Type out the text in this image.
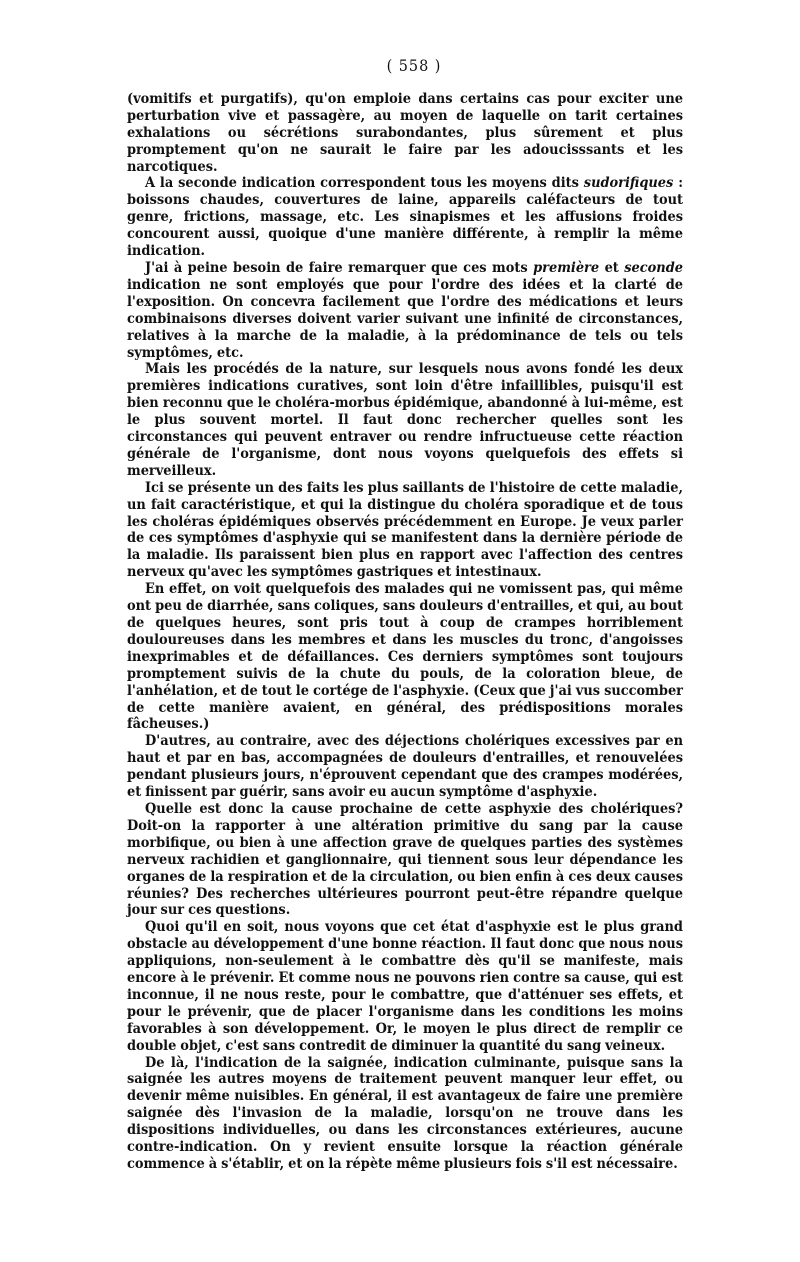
( 558 )

(vomitifs et purgatifs), qu'on emploie dans certains cas pour exciter une perturbation vive et passagère, au moyen de laquelle on tarit certaines exhalations ou sécrétions surabondantes, plus sûrement et plus promptement qu'on ne saurait le faire par les adoucisssants et les narcotiques.

A la seconde indication correspondent tous les moyens dits sudorifiques : boissons chaudes, couvertures de laine, appareils caléfacteurs de tout genre, frictions, massage, etc. Les sinapismes et les affusions froides concourent aussi, quoique d'une manière différente, à remplir la même indication.

J'ai à peine besoin de faire remarquer que ces mots première et seconde indication ne sont employés que pour l'ordre des idées et la clarté de l'exposition. On concevra facilement que l'ordre des médications et leurs combinaisons diverses doivent varier suivant une infinité de circonstances, relatives à la marche de la maladie, à la prédominance de tels ou tels symptômes, etc.

Mais les procédés de la nature, sur lesquels nous avons fondé les deux premières indications curatives, sont loin d'être infaillibles, puisqu'il est bien reconnu que le choléra-morbus épidémique, abandonné à lui-même, est le plus souvent mortel. Il faut donc rechercher quelles sont les circonstances qui peuvent entraver ou rendre infructueuse cette réaction générale de l'organisme, dont nous voyons quelquefois des effets si merveilleux.

Ici se présente un des faits les plus saillants de l'histoire de cette maladie, un fait caractéristique, et qui la distingue du choléra sporadique et de tous les choléras épidémiques observés précédemment en Europe. Je veux parler de ces symptômes d'asphyxie qui se manifestent dans la dernière période de la maladie. Ils paraissent bien plus en rapport avec l'affection des centres nerveux qu'avec les symptômes gastriques et intestinaux.

En effet, on voit quelquefois des malades qui ne vomissent pas, qui même ont peu de diarrhée, sans coliques, sans douleurs d'entrailles, et qui, au bout de quelques heures, sont pris tout à coup de crampes horriblement douloureuses dans les membres et dans les muscles du tronc, d'angoisses inexprimables et de défaillances. Ces derniers symptômes sont toujours promptement suivis de la chute du pouls, de la coloration bleue, de l'anhélation, et de tout le cortége de l'asphyxie. (Ceux que j'ai vus succomber de cette manière avaient, en général, des prédispositions morales fâcheuses.)

D'autres, au contraire, avec des déjections cholériques excessives par en haut et par en bas, accompagnées de douleurs d'entrailles, et renouvelées pendant plusieurs jours, n'éprouvent cependant que des crampes modérées, et finissent par guérir, sans avoir eu aucun symptôme d'asphyxie.

Quelle est donc la cause prochaine de cette asphyxie des cholériques? Doit-on la rapporter à une altération primitive du sang par la cause morbifique, ou bien à une affection grave de quelques parties des systèmes nerveux rachidien et ganglionnaire, qui tiennent sous leur dépendance les organes de la respiration et de la circulation, ou bien enfin à ces deux causes réunies? Des recherches ultérieures pourront peut-être répandre quelque jour sur ces questions.

Quoi qu'il en soit, nous voyons que cet état d'asphyxie est le plus grand obstacle au développement d'une bonne réaction. Il faut donc que nous nous appliquions, non-seulement à le combattre dès qu'il se manifeste, mais encore à le prévenir. Et comme nous ne pouvons rien contre sa cause, qui est inconnue, il ne nous reste, pour le combattre, que d'atténuer ses effets, et pour le prévenir, que de placer l'organisme dans les conditions les moins favorables à son développement. Or, le moyen le plus direct de remplir ce double objet, c'est sans contredit de diminuer la quantité du sang veineux.

De là, l'indication de la saignée, indication culminante, puisque sans la saignée les autres moyens de traitement peuvent manquer leur effet, ou devenir même nuisibles. En général, il est avantageux de faire une première saignée dès l'invasion de la maladie, lorsqu'on ne trouve dans les dispositions individuelles, ou dans les circonstances extérieures, aucune contre-indication. On y revient ensuite lorsque la réaction générale commence à s'établir, et on la répète même plusieurs fois s'il est nécessaire.
